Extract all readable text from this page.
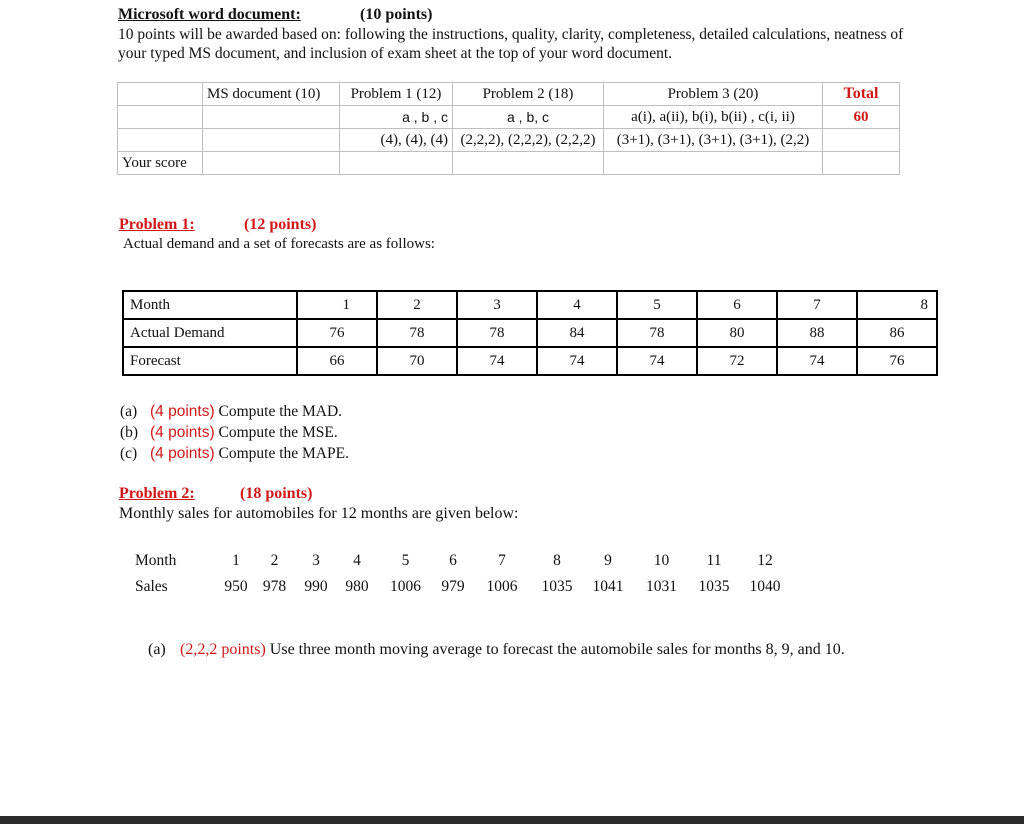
Microsoft word document:	(10 points)
10 points will be awarded based on: following the instructions, quality, clarity, completeness, detailed calculations, neatness of your typed MS document, and inclusion of exam sheet at the top of your word document.
	MS document (10)	Problem 1 (12)	Problem 2 (18)	Problem 3 (20)	Total
		a , b , c	a , b, c	a(i), a(ii), b(i), b(ii) , c(i, ii)	60
		(4), (4), (4)	(2,2,2), (2,2,2), (2,2,2)	(3+1), (3+1), (3+1), (3+1), (2,2)	
Your score					
Problem 1:	(12 points)
Actual demand and a set of forecasts are as follows:
Month	1	2	3	4	5	6	7	8
Actual Demand	76	78	78	84	78	80	88	86
Forecast	66	70	74	74	74	72	74	76
(a) (4 points) Compute the MAD.
(b) (4 points) Compute the MSE.
(c) (4 points) Compute the MAPE.
Problem 2:	(18 points)
Monthly sales for automobiles for 12 months are given below:
Month	1	2	3	4	5	6	7	8	9	10	11	12
Sales	950	978	990	980	1006	979	1006	1035	1041	1031	1035	1040
(a) (2,2,2 points) Use three month moving average to forecast the automobile sales for months 8, 9, and 10.
